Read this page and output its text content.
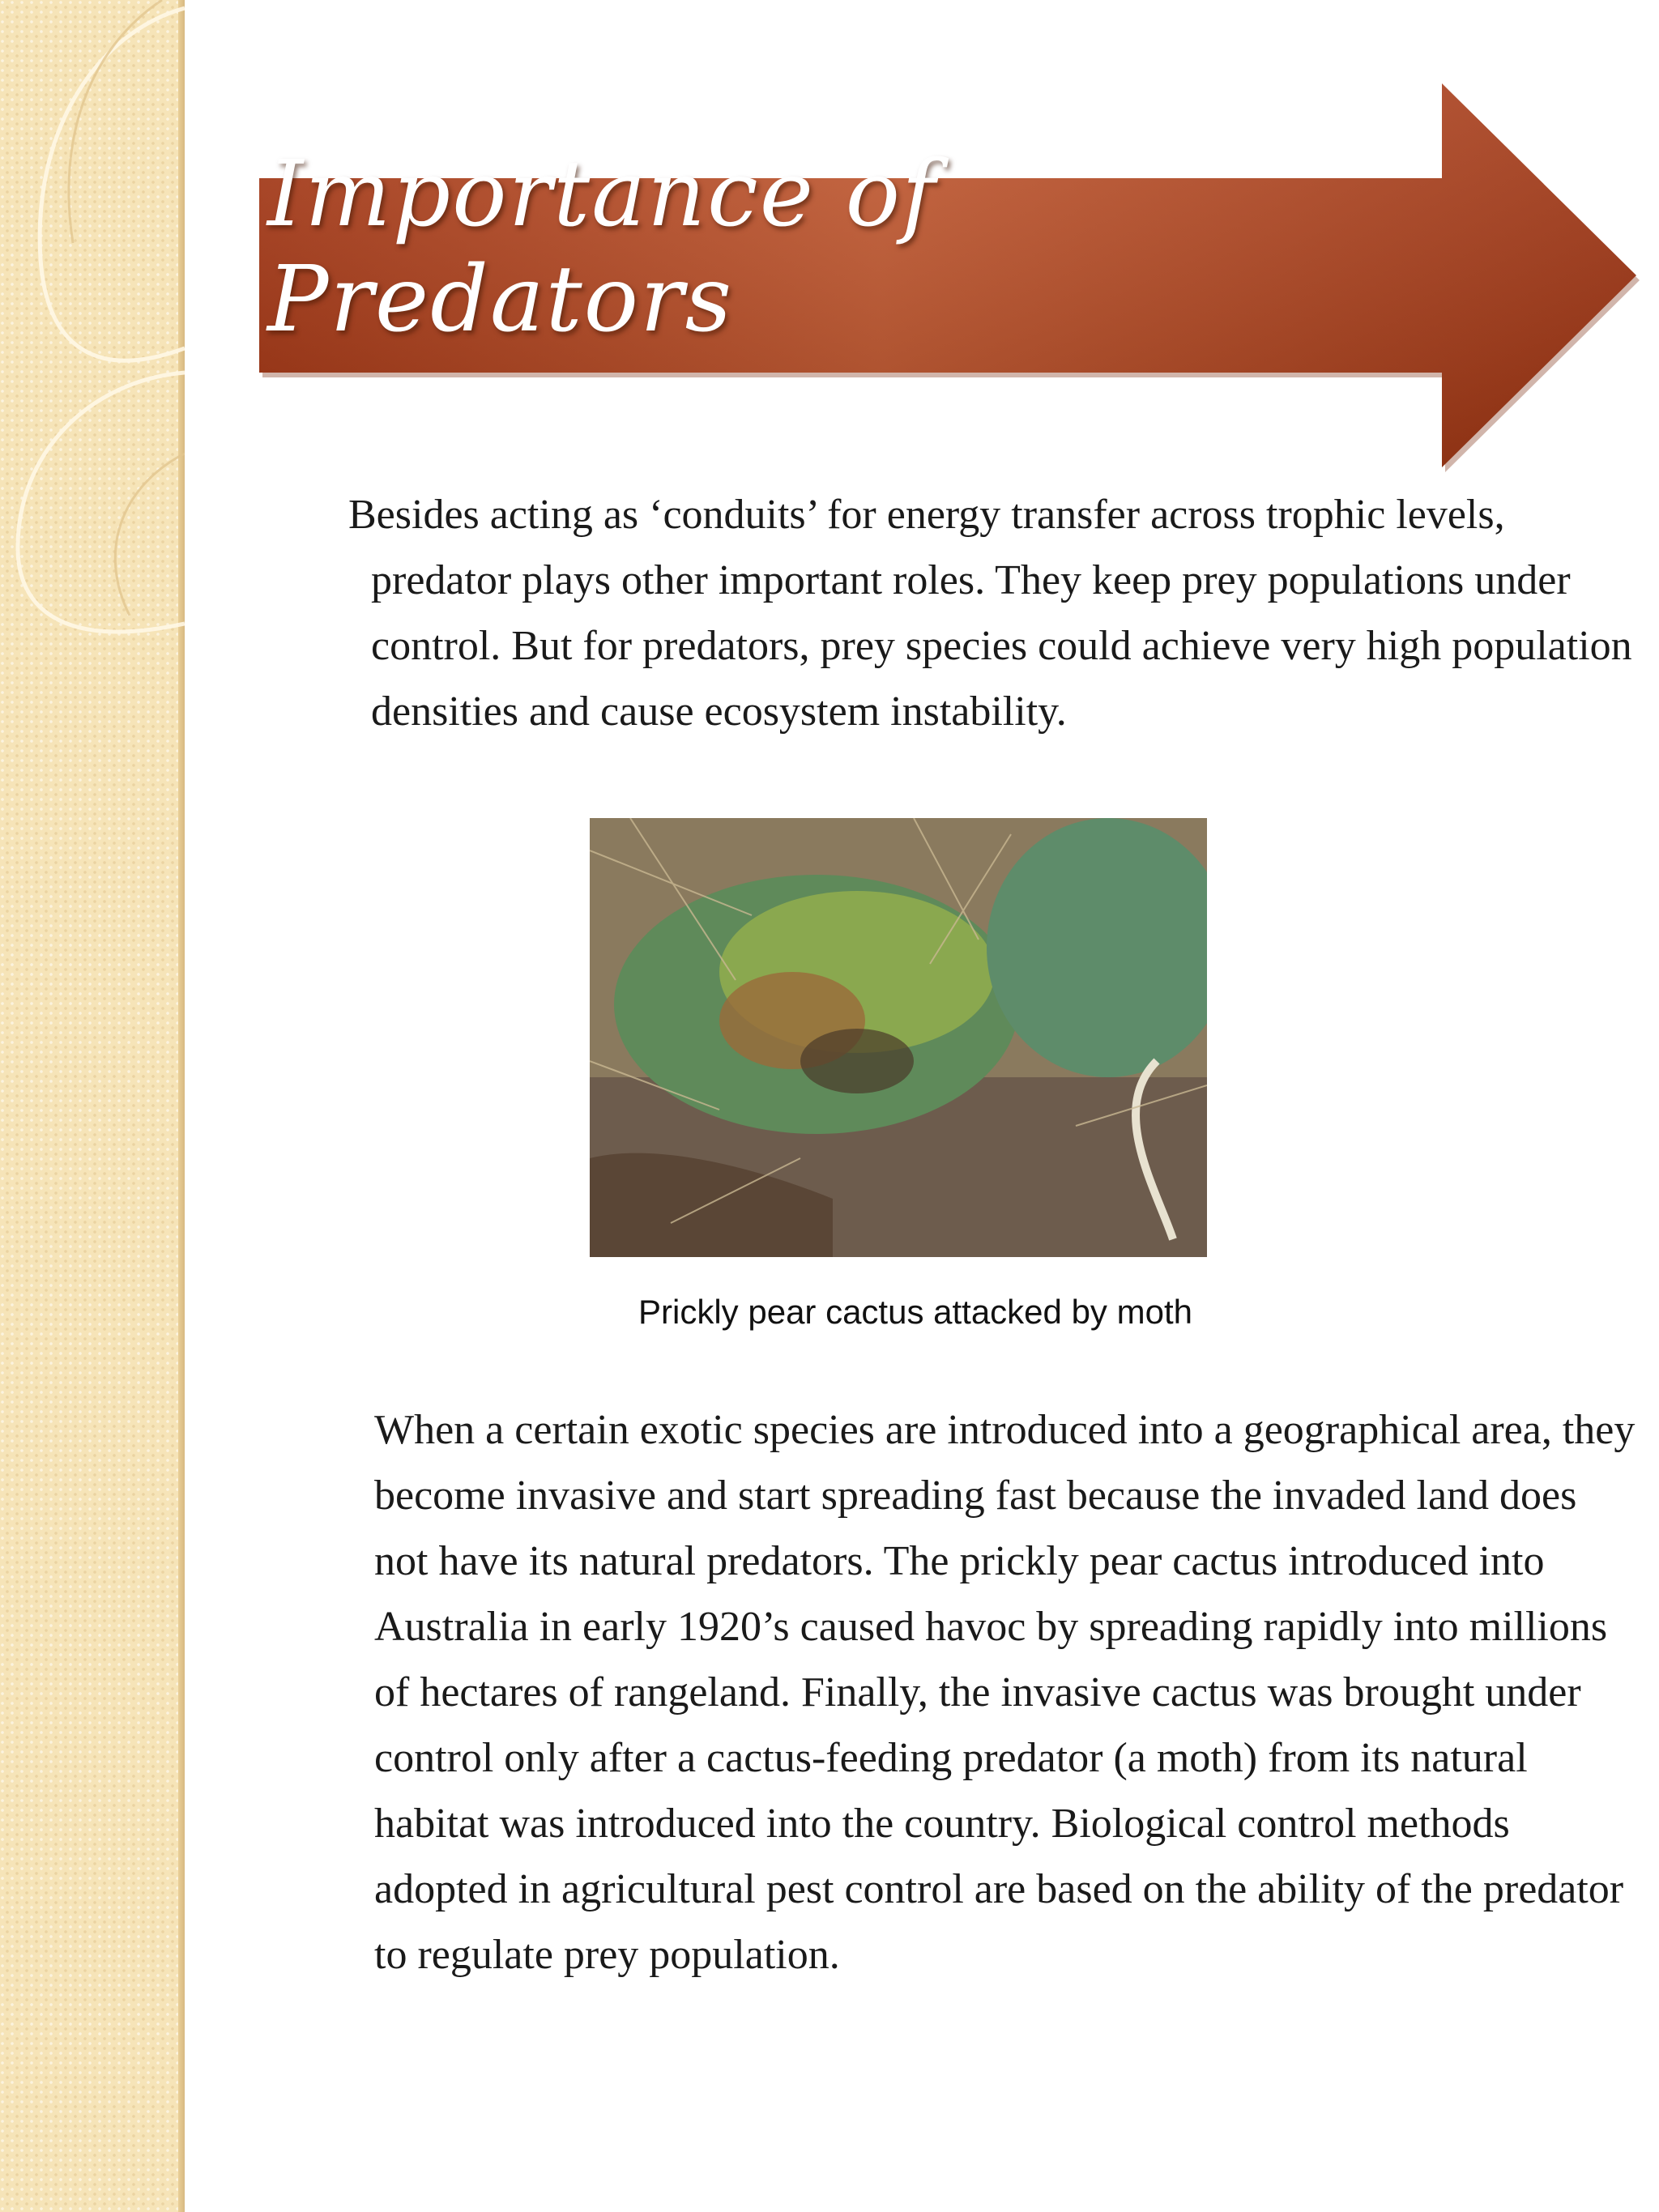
Importance of Predators
Besides acting as ‘conduits’ for energy transfer across trophic levels, predator plays other important roles. They keep prey populations under control. But for predators, prey species could achieve very high population densities and cause ecosystem instability.
Prickly pear cactus attacked by moth
When a certain exotic species are introduced into a geographical area, they become invasive and start spreading fast because the invaded land does not have its natural predators. The prickly pear cactus introduced into Australia in early 1920’s caused havoc by spreading rapidly into millions of hectares of rangeland. Finally, the invasive cactus was brought under control only after a cactus-feeding predator (a moth) from its natural habitat was introduced into the country. Biological control methods adopted in agricultural pest control are based on the ability of the predator to regulate prey population.
